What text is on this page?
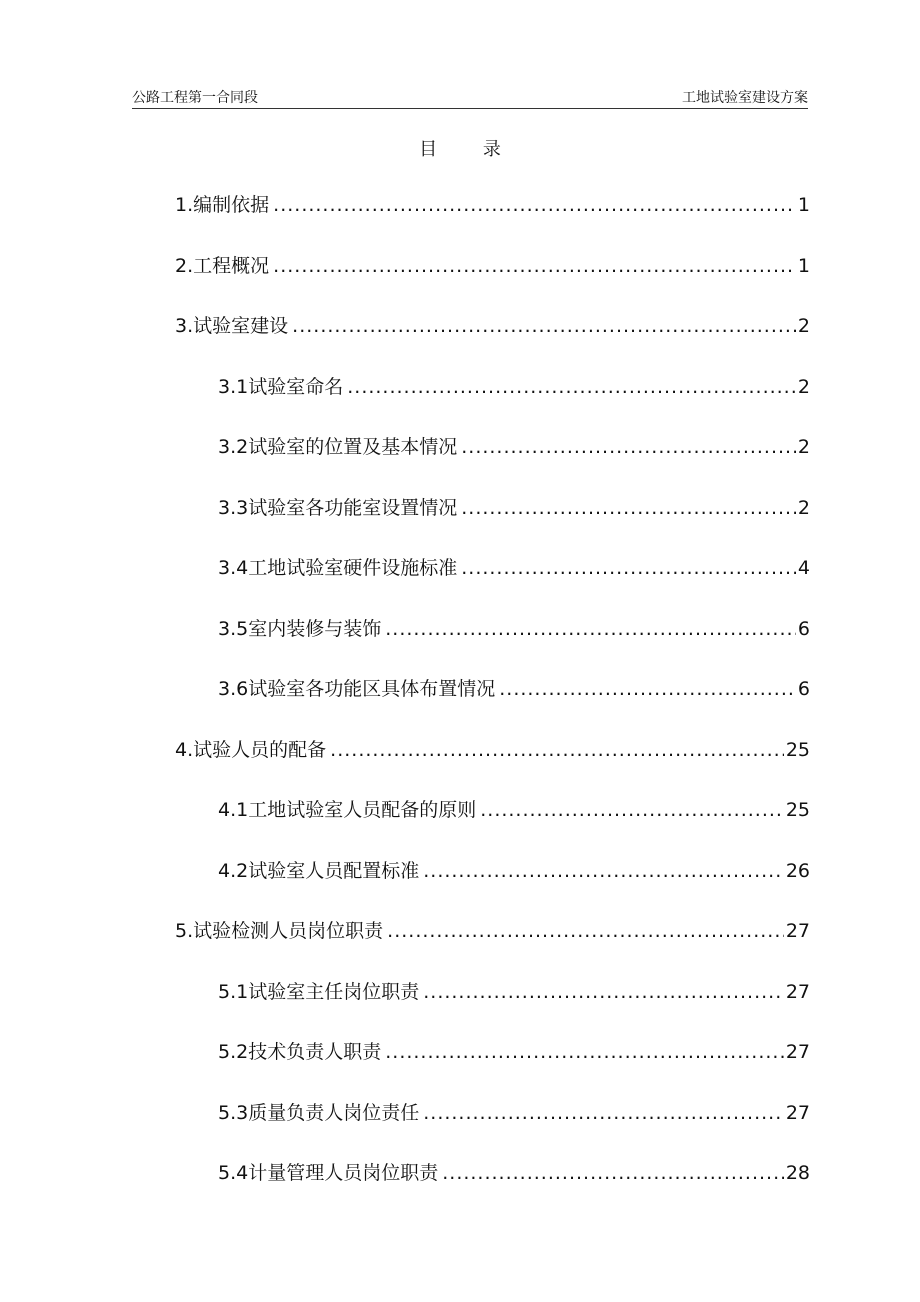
公路工程第一合同段	工地试验室建设方案
目 录
1. 编制依据 .....	1
2. 工程概况 .....	1
3. 试验室建设 .....	2
3.1 试验室命名 .....	2
3.2 试验室的位置及基本情况 .....	2
3.3 试验室各功能室设置情况 .....	2
3.4 工地试验室硬件设施标准 .....	4
3.5 室内装修与装饰 .....	6
3.6 试验室各功能区具体布置情况 .....	6
4. 试验人员的配备 .....	25
4.1 工地试验室人员配备的原则 .....	25
4.2 试验室人员配置标准 .....	26
5. 试验检测人员岗位职责 .....	27
5.1 试验室主任岗位职责 .....	27
5.2 技术负责人职责 .....	27
5.3 质量负责人岗位责任 .....	27
5.4 计量管理人员岗位职责 .....	28
